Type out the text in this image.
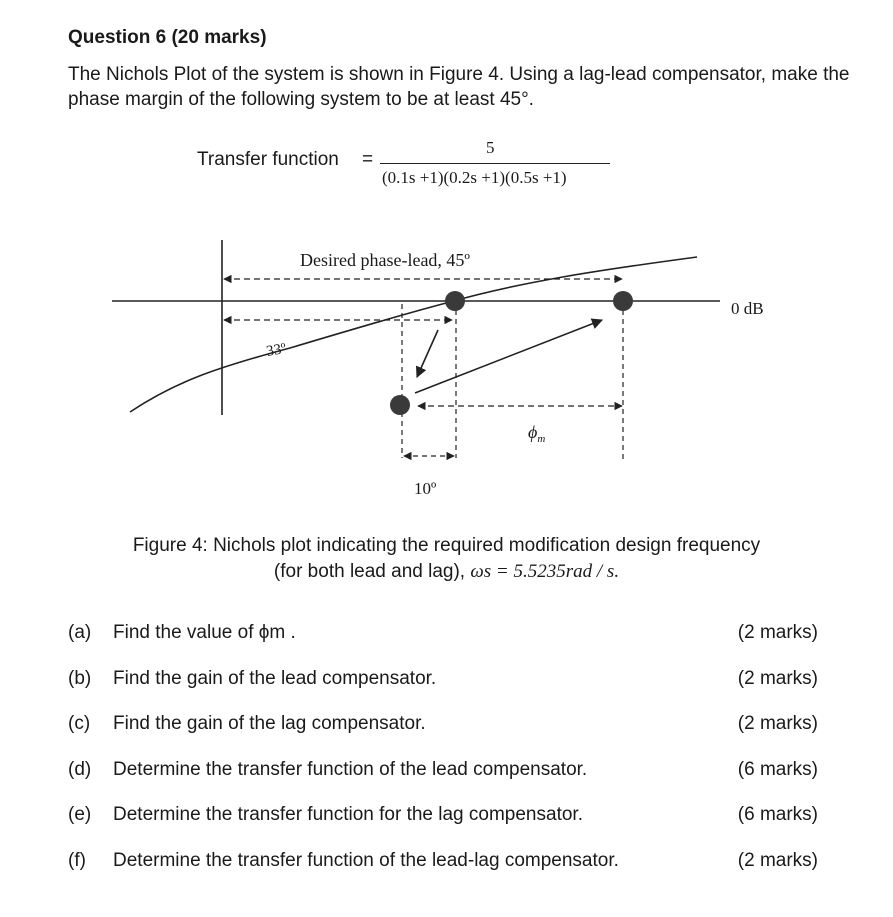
Question 6 (20 marks)
The Nichols Plot of the system is shown in Figure 4. Using a lag-lead compensator, make the phase margin of the following system to be at least 45°.
Transfer function =
5
(0.1s +1)(0.2s +1)(0.5s +1)
Desired phase-lead, 45º
0 dB
33º
$\phi_m$
10º
Figure 4: Nichols plot indicating the required modification design frequency
(for both lead and lag), ωs = 5.5235rad / s.
(a) Find the value of ϕm .	(2 marks)
(b) Find the gain of the lead compensator.	(2 marks)
(c) Find the gain of the lag compensator.	(2 marks)
(d) Determine the transfer function of the lead compensator.	(6 marks)
(e) Determine the transfer function for the lag compensator.	(6 marks)
(f) Determine the transfer function of the lead-lag compensator.	(2 marks)
